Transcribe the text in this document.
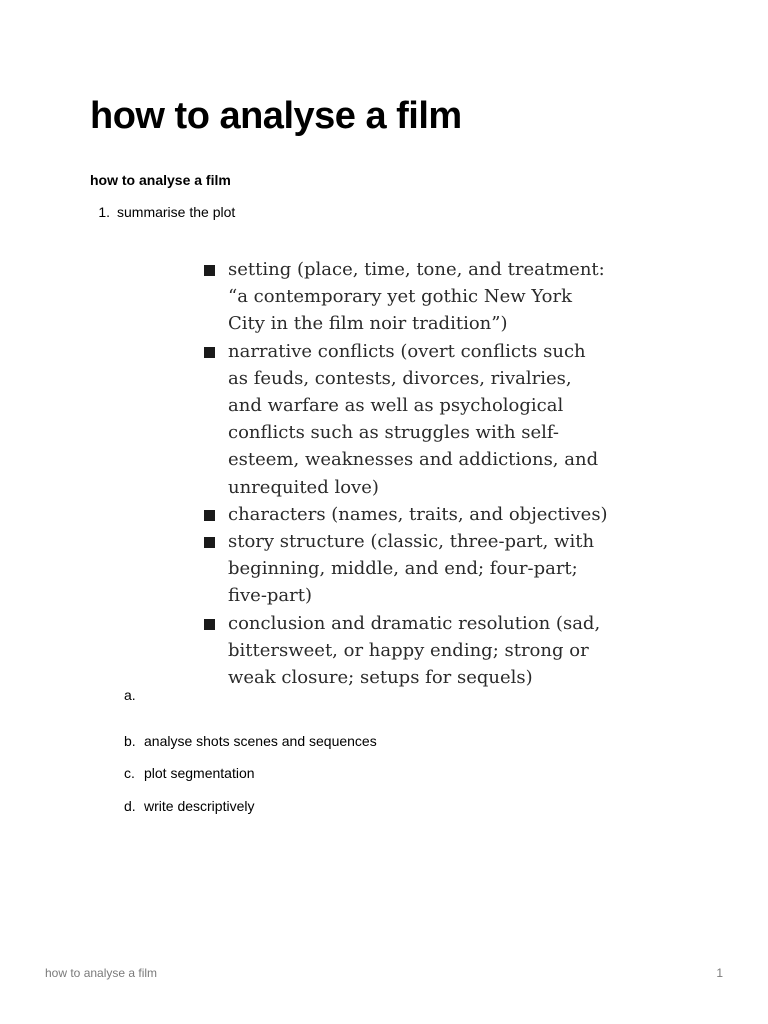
how to analyse a film
how to analyse a film
1. summarise the plot
setting (place, time, tone, and treatment: “a contemporary yet gothic New York City in the film noir tradition”)
narrative conflicts (overt conflicts such as feuds, contests, divorces, rivalries, and warfare as well as psychological conflicts such as struggles with self-esteem, weaknesses and addictions, and unrequited love)
characters (names, traits, and objectives)
story structure (classic, three-part, with beginning, middle, and end; four-part; five-part)
conclusion and dramatic resolution (sad, bittersweet, or happy ending; strong or weak closure; setups for sequels)
a.
b. analyse shots scenes and sequences
c. plot segmentation
d. write descriptively
how to analyse a film	1
